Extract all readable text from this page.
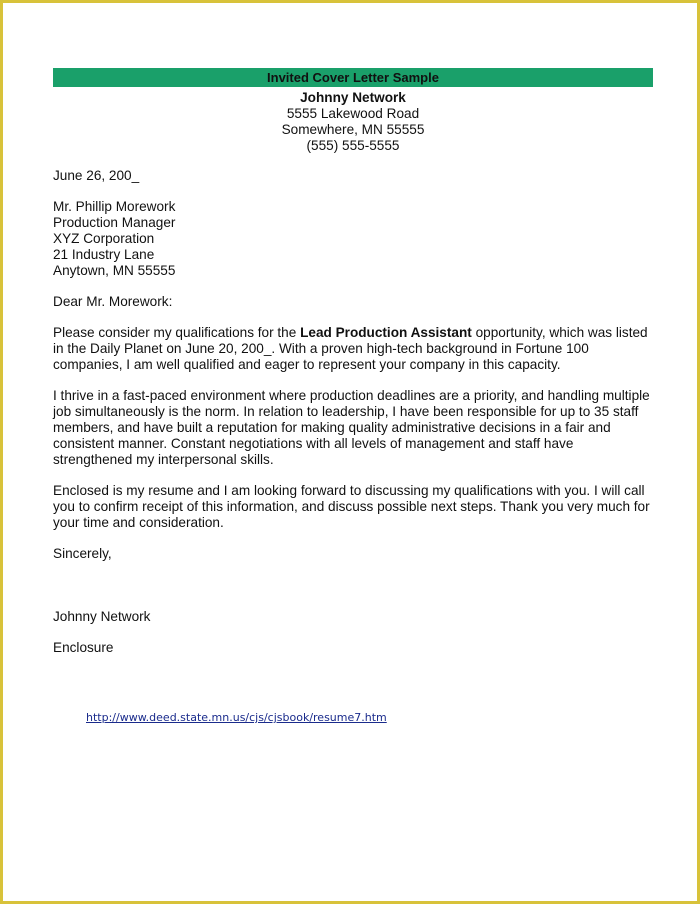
Invited Cover Letter Sample
Johnny Network
5555 Lakewood Road
Somewhere, MN 55555
(555) 555-5555
June 26, 200_
Mr. Phillip Morework
Production Manager
XYZ Corporation
21 Industry Lane
Anytown, MN 55555
Dear Mr. Morework:
Please consider my qualifications for the Lead Production Assistant opportunity, which was listed in the Daily Planet on June 20, 200_. With a proven high-tech background in Fortune 100 companies, I am well qualified and eager to represent your company in this capacity.
I thrive in a fast-paced environment where production deadlines are a priority, and handling multiple job simultaneously is the norm. In relation to leadership, I have been responsible for up to 35 staff members, and have built a reputation for making quality administrative decisions in a fair and consistent manner. Constant negotiations with all levels of management and staff have strengthened my interpersonal skills.
Enclosed is my resume and I am looking forward to discussing my qualifications with you. I will call you to confirm receipt of this information, and discuss possible next steps. Thank you very much for your time and consideration.
Sincerely,
Johnny Network
Enclosure
http://www.deed.state.mn.us/cjs/cjsbook/resume7.htm
